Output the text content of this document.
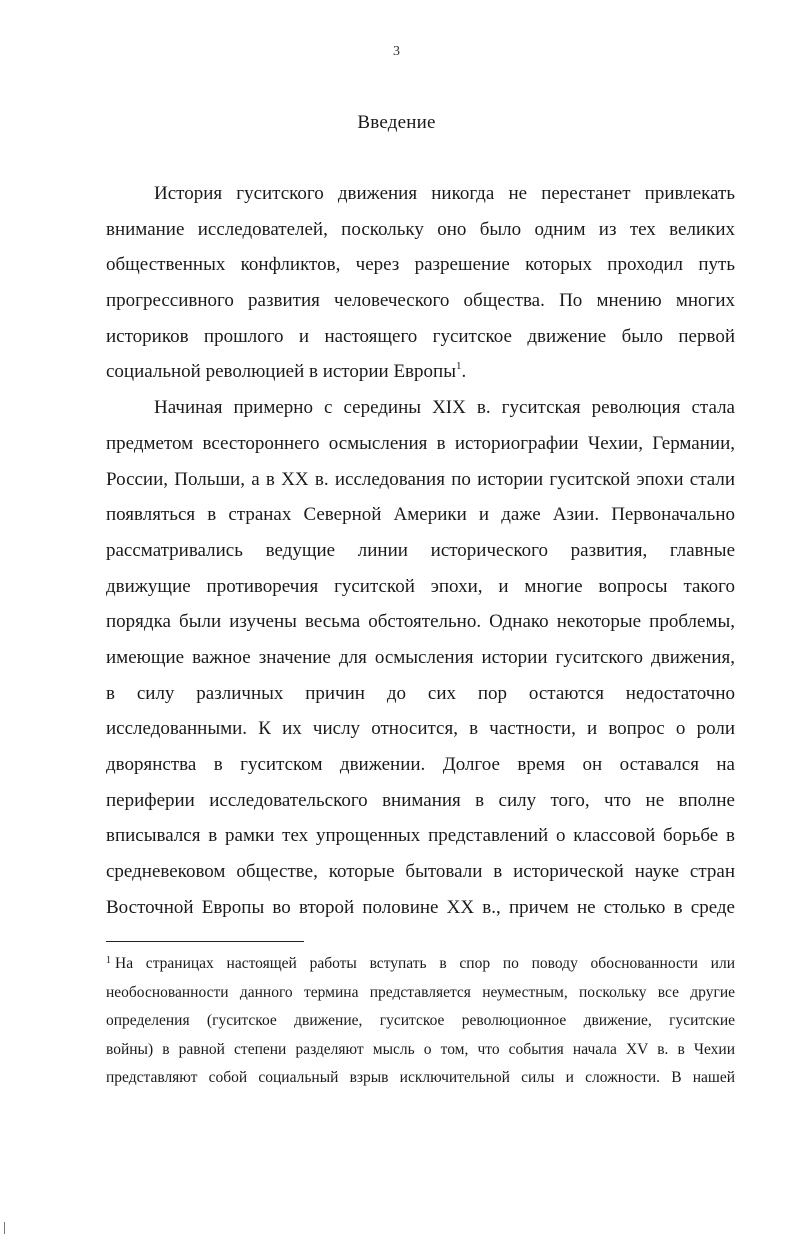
3
Введение
История гуситского движения никогда не перестанет привлекать
внимание исследователей, поскольку оно было одним из тех великих
общественных конфликтов, через разрешение которых проходил путь
прогрессивного развития человеческого общества. По мнению многих
историков прошлого и настоящего гуситское движение было первой
социальной революцией в истории Европы$^1$.
Начиная примерно с середины XIX в. гуситская революция стала
предметом всестороннего осмысления в историографии Чехии, Германии,
России, Польши, а в XX в. исследования по истории гуситской эпохи стали
появляться в странах Северной Америки и даже Азии. Первоначально
рассматривались ведущие линии исторического развития, главные
движущие противоречия гуситской эпохи, и многие вопросы такого
порядка были изучены весьма обстоятельно. Однако некоторые проблемы,
имеющие важное значение для осмысления истории гуситского движения,
в силу различных причин до сих пор остаются недостаточно
исследованными. К их числу относится, в частности, и вопрос о роли
дворянства в гуситском движении. Долгое время он оставался на
периферии исследовательского внимания в силу того, что не вполне
вписывался в рамки тех упрощенных представлений о классовой борьбе в
средневековом обществе, которые бытовали в исторической науке стран
Восточной Европы во второй половине XX в., причем не столько в среде
$^1$ На страницах настоящей работы вступать в спор по поводу обоснованности или
необоснованности данного термина представляется неуместным, поскольку все другие
определения (гуситское движение, гуситское революционное движение, гуситские
войны) в равной степени разделяют мысль о том, что события начала XV в. в Чехии
представляют собой социальный взрыв исключительной силы и сложности. В нашей
